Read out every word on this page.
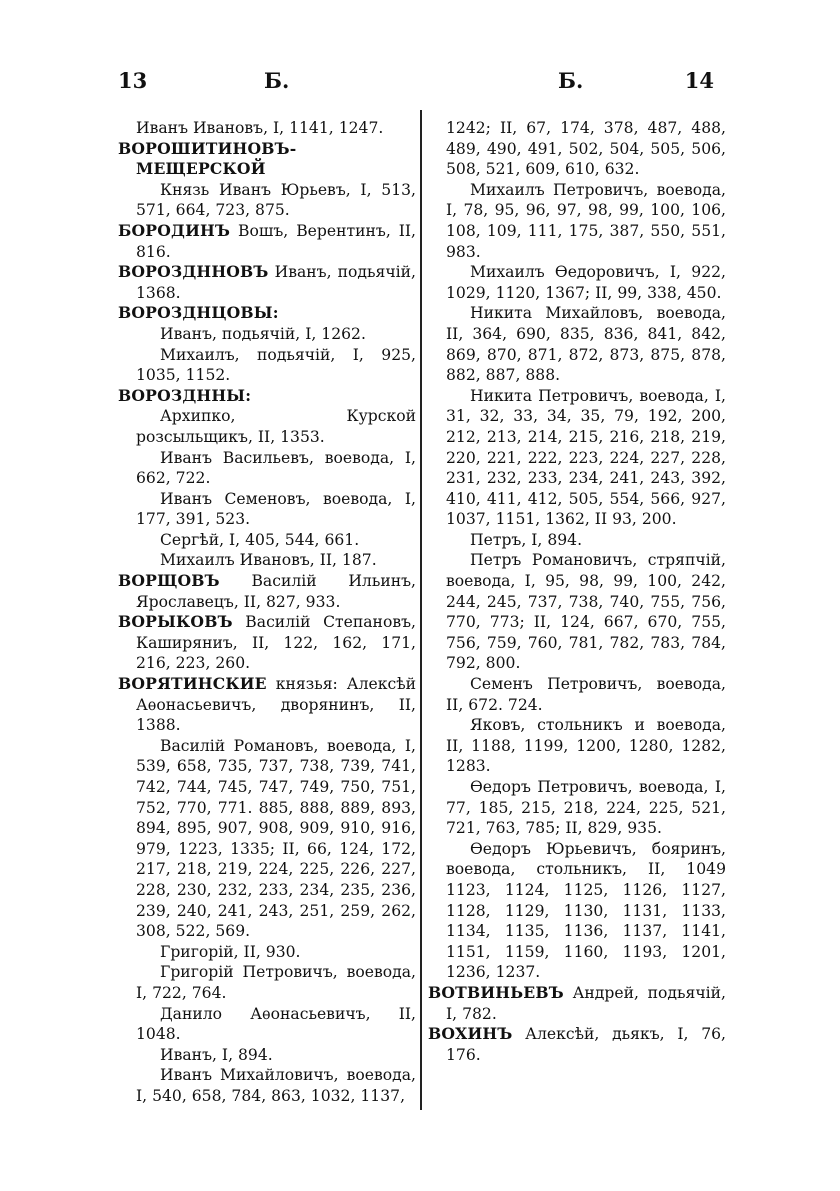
13	Б.	Б.	14

Иванъ Ивановъ, I, 1141, 1247.

ВОРОШИТИНОВЪ-МЕЩЕРСКОЙ

Князь Иванъ Юрьевъ, I, 513, 571, 664, 723, 875.

БОРОДИНЪ Вошъ, Верентинъ, II, 816.

ВОРОЗДННОВЪ Иванъ, подьячій, 1368.

ВОРОЗДНЦОВЫ:

Иванъ, подьячій, I, 1262.

Михаилъ, подьячій, I, 925, 1035, 1152.

ВОРОЗДННЫ:

Архипко, Курской розсыльщикъ, II, 1353.

Иванъ Васильевъ, воевода, I, 662, 722.

Иванъ Семеновъ, воевода, I, 177, 391, 523.

Сергѣй, I, 405, 544, 661.

Михаилъ Ивановъ, II, 187.

ВОРЩОВЪ Василій Ильинъ, Ярославецъ, II, 827, 933.

ВОРЫКОВЪ Василій Степановъ, Каширяниъ, II, 122, 162, 171, 216, 223, 260.

ВОРЯТИНСКИЕ князья: Алексѣй Аѳонасьевичъ, дворянинъ, II, 1388.

Василій Романовъ, воевода, I, 539, 658, 735, 737, 738, 739, 741, 742, 744, 745, 747, 749, 750, 751, 752, 770, 771. 885, 888, 889, 893, 894, 895, 907, 908, 909, 910, 916, 979, 1223, 1335; II, 66, 124, 172, 217, 218, 219, 224, 225, 226, 227, 228, 230, 232, 233, 234, 235, 236, 239, 240, 241, 243, 251, 259, 262, 308, 522, 569.

Григорій, II, 930.

Григорій Петровичъ, воевода, I, 722, 764.

Данило Аѳонасьевичъ, II, 1048.

Иванъ, I, 894.

Иванъ Михайловичъ, воевода, I, 540, 658, 784, 863, 1032, 1137,

1242; II, 67, 174, 378, 487, 488, 489, 490, 491, 502, 504, 505, 506, 508, 521, 609, 610, 632.

Михаилъ Петровичъ, воевода, I, 78, 95, 96, 97, 98, 99, 100, 106, 108, 109, 111, 175, 387, 550, 551, 983.

Михаилъ Ѳедоровичъ, I, 922, 1029, 1120, 1367; II, 99, 338, 450.

Никита Михайловъ, воевода, II, 364, 690, 835, 836, 841, 842, 869, 870, 871, 872, 873, 875, 878, 882, 887, 888.

Никита Петровичъ, воевода, I, 31, 32, 33, 34, 35, 79, 192, 200, 212, 213, 214, 215, 216, 218, 219, 220, 221, 222, 223, 224, 227, 228, 231, 232, 233, 234, 241, 243, 392, 410, 411, 412, 505, 554, 566, 927, 1037, 1151, 1362, II 93, 200.

Петръ, I, 894.

Петръ Романовичъ, стряпчій, воевода, I, 95, 98, 99, 100, 242, 244, 245, 737, 738, 740, 755, 756, 770, 773; II, 124, 667, 670, 755, 756, 759, 760, 781, 782, 783, 784, 792, 800.

Семенъ Петровичъ, воевода, II, 672. 724.

Яковъ, стольникъ и воевода, II, 1188, 1199, 1200, 1280, 1282, 1283.

Ѳедоръ Петровичъ, воевода, I, 77, 185, 215, 218, 224, 225, 521, 721, 763, 785; II, 829, 935.

Ѳедоръ Юрьевичъ, бояринъ, воевода, стольникъ, II, 1049 1123, 1124, 1125, 1126, 1127, 1128, 1129, 1130, 1131, 1133, 1134, 1135, 1136, 1137, 1141, 1151, 1159, 1160, 1193, 1201, 1236, 1237.

ВОТВИНЬЕВЪ Андрей, подьячій, I, 782.

ВОХИНЪ Алексѣй, дьякъ, I, 76, 176.
